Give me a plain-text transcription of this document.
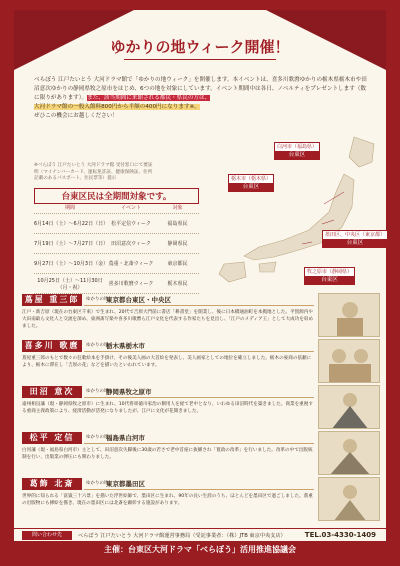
ゆかりの地ウィーク開催！
べらぼう 江戸たいとう 大河ドラマ館で「ゆかりの地ウィーク」を開催します。本イベントは、喜多川歌麿ゆかりの栃木県栃木市や田沼意次ゆかりの静岡県牧之原市をはじめ、6つの地を対象にしています。イベント期間中は各日、ノベルティをプレゼントします（数に限りがあります）。また、該当期間に来館される都民・県民の方は、
大河ドラマ館の一般入館料800円から半額の400円になります※。
ぜひこの機会にお越しください！
※べらぼう 江戸たいとう 大河ドラマ館 受付窓口にて要証明（マイナンバーカード、運転免許証、健康保険証、住所記載のあるパスポート、住民票等）提示
台東区民は全期間対象です。
期間	イベント	対象
6月14日（土）〜6月22日（日） 松平定信ウィーク	福島県民
7月19日（土）〜7月27日（日） 田沼意次ウィーク	静岡県民
9月27日（土）〜10月3日（金） 蔦重・北斎ウィーク	東京都民
10月25日（土）〜11月30日（月・祝）
喜多川歌麿ウィーク	栃木県民
白河市（福島県）
台東区
栃木市（栃木県）
台東区
墨田区、中央区（東京都）
台東区
牧之原市（静岡県）
台東区
蔦屋 重三郎	ゆかりの地
東京都台東区・中央区
江戸・新吉原（現在の台東区千束）で生まれ、20代で吉原大門前に書店「耕書堂」を開業し、後に日本橋通油町を本拠地とした。平賀源内や大田南畝ら文化人と交流を深め、東洲斎写楽や喜多川歌麿ら江戸文化を代表する作家たちを見出し、「江戸のメディア王」として大成功を収めました。
喜多川 歌麿	ゆかりの地
栃木県栃木市
蔦屋重三郎のもとで数々の狂歌絵本を手掛け、その後美人画の大首絵を発表し、美人画家としての地位を確立しました。栃木の豪商の依頼により、栃木に滞在し「吉原の花」などを描いたといわれています。
田沼 意次	ゆかりの地
静岡県牧之原市
遠州相良藩（現・静岡県牧之原市）に生まれ、10代将軍徳川家治の側用人を経て老中となり、いわゆる田沼時代を築きました。商業を重視する重商主義政策により、経済活動が活発になりましたが、江戸に文化が花開きました。
松平 定信	ゆかりの地
福島県白河市
白河藩（現・福島県白河市）主として、田沼意次失脚後に30歳の若さで老中首座に抜擢され「寛政の改革」を行いました。改革の中で出版統制を行い、出版業の弾圧にも関わりました。
葛飾 北斎	ゆかりの地
東京都墨田区
世界的に知られる「富嶽三十六景」を描いた浮世絵師で、墨田区に生まれ、90年の長い生涯のうち、ほとんどを墨田区で過ごしました。蔦重の出版物にも挿絵を描き、現在の墨田区には北斎を顕彰する施設があります。
問い合わせ先	べらぼう 江戸たいとう 大河ドラマ館運営事務局（受託事業者：（株）JTB 東京中央支店）	TEL.03-4330-1409
主催：台東区大河ドラマ「べらぼう」活用推進協議会
